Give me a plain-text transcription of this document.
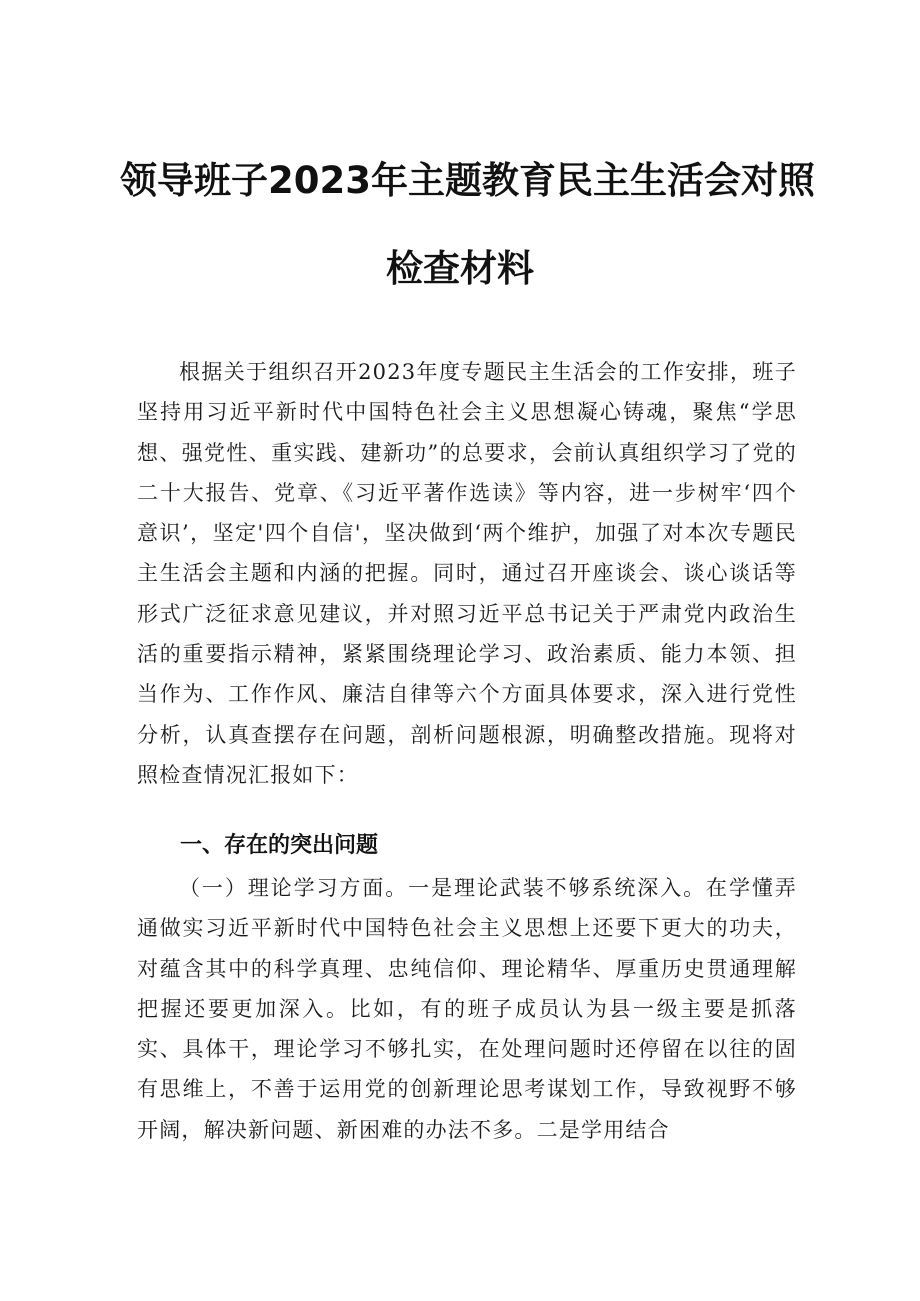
领导班子2023年主题教育民主生活会对照
检查材料
根据关于组织召开2023年度专题民主生活会的工作安排，班子坚持用习近平新时代中国特色社会主义思想凝心铸魂，聚焦“学思想、强党性、重实践、建新功”的总要求，会前认真组织学习了党的二十大报告、党章、《习近平著作选读》等内容，进一步树牢‘四个意识’，坚定'四个自信'，坚决做到‘两个维护，加强了对本次专题民主生活会主题和内涵的把握。同时，通过召开座谈会、谈心谈话等形式广泛征求意见建议，并对照习近平总书记关于严肃党内政治生活的重要指示精神，紧紧围绕理论学习、政治素质、能力本领、担当作为、工作作风、廉洁自律等六个方面具体要求，深入进行党性分析，认真查摆存在问题，剖析问题根源，明确整改措施。现将对照检查情况汇报如下：
一、存在的突出问题
（一）理论学习方面。一是理论武装不够系统深入。在学懂弄通做实习近平新时代中国特色社会主义思想上还要下更大的功夫，对蕴含其中的科学真理、忠纯信仰、理论精华、厚重历史贯通理解把握还要更加深入。比如，有的班子成员认为县一级主要是抓落实、具体干，理论学习不够扎实，在处理问题时还停留在以往的固有思维上，不善于运用党的创新理论思考谋划工作，导致视野不够开阔，解决新问题、新困难的办法不多。二是学用结合
